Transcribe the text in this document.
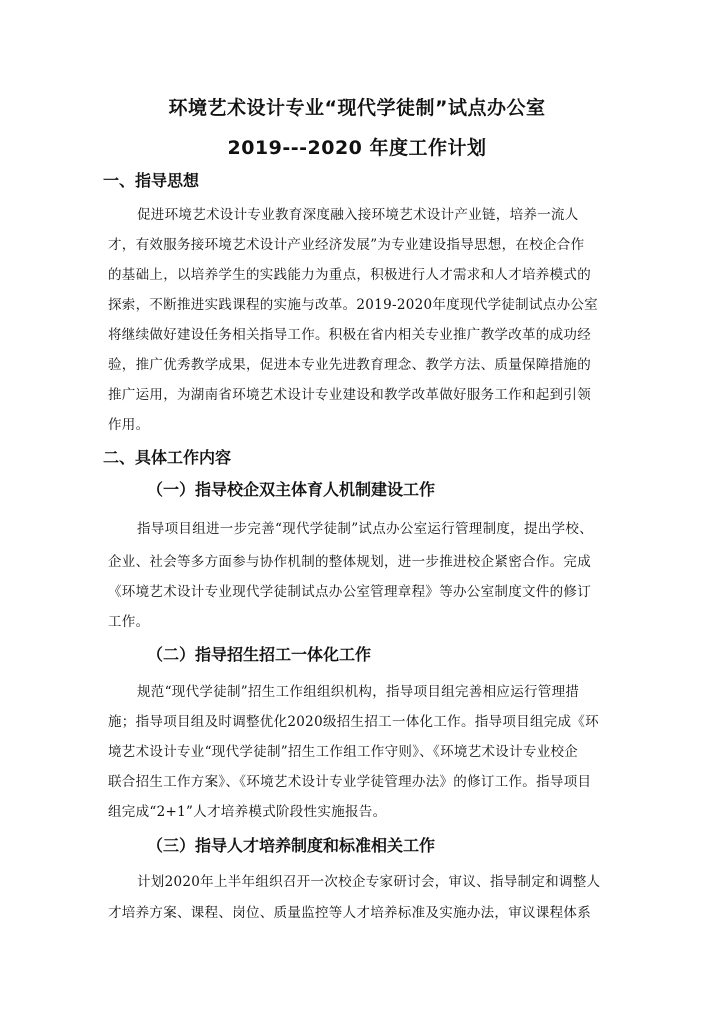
环境艺术设计专业“现代学徒制”试点办公室
2019---2020 年度工作计划
一、指导思想
促进环境艺术设计专业教育深度融入接环境艺术设计产业链，培养一流人
才，有效服务接环境艺术设计产业经济发展”为专业建设指导思想，在校企合作
的基础上，以培养学生的实践能力为重点，积极进行人才需求和人才培养模式的
探索，不断推进实践课程的实施与改革。2019-2020年度现代学徒制试点办公室
将继续做好建设任务相关指导工作。积极在省内相关专业推广教学改革的成功经
验，推广优秀教学成果，促进本专业先进教育理念、教学方法、质量保障措施的
推广运用，为湖南省环境艺术设计专业建设和教学改革做好服务工作和起到引领
作用。
二、具体工作内容
（一）指导校企双主体育人机制建设工作
指导项目组进一步完善“现代学徒制”试点办公室运行管理制度，提出学校、
企业、社会等多方面参与协作机制的整体规划，进一步推进校企紧密合作。完成
《环境艺术设计专业现代学徒制试点办公室管理章程》等办公室制度文件的修订
工作。
（二）指导招生招工一体化工作
规范“现代学徒制”招生工作组组织机构，指导项目组完善相应运行管理措
施；指导项目组及时调整优化2020级招生招工一体化工作。指导项目组完成《环
境艺术设计专业“现代学徒制”招生工作组工作守则》、《环境艺术设计专业校企
联合招生工作方案》、《环境艺术设计专业学徒管理办法》的修订工作。指导项目
组完成“2+1”人才培养模式阶段性实施报告。
（三）指导人才培养制度和标准相关工作
计划2020年上半年组织召开一次校企专家研讨会，审议、指导制定和调整人
才培养方案、课程、岗位、质量监控等人才培养标准及实施办法，审议课程体系
